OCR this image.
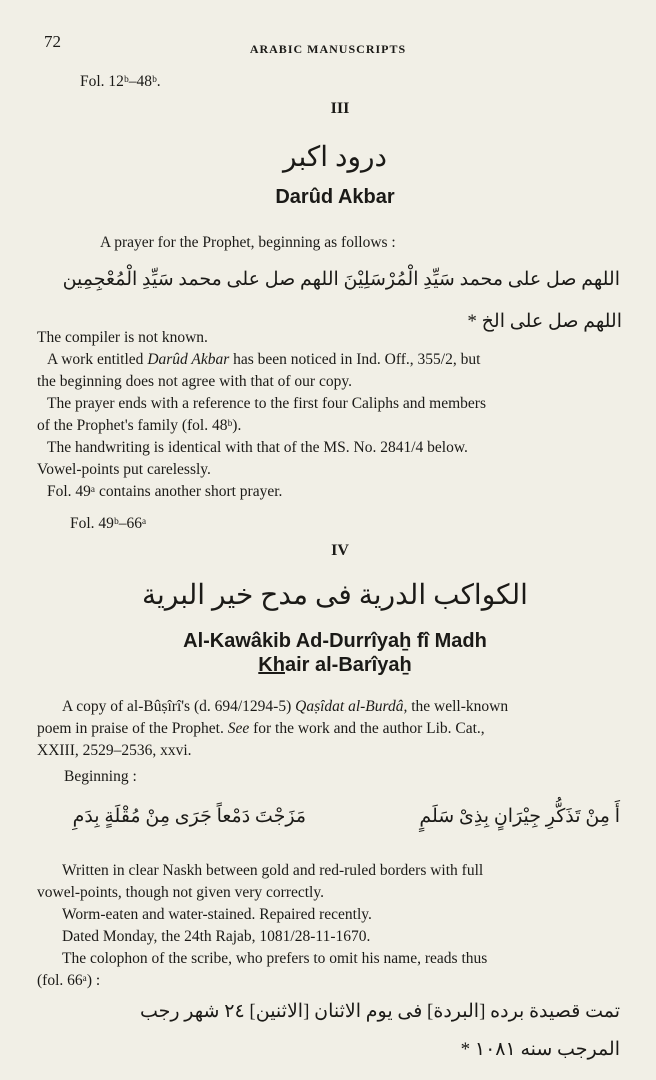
72	ARABIC MANUSCRIPTS
Fol. 12ᵇ–48ᵇ.
III
درود اکبر
Darûd Akbar
A prayer for the Prophet, beginning as follows :
اللهم صل على محمد سَيِّدِ الْمُرْسَلِيْنَ اللهم صل على محمد سَيِّدِ الْمُعْجِمِين
اللهم صل على الخ *
The compiler is not known.
A work entitled Darûd Akbar has been noticed in Ind. Off., 355/2, but
the beginning does not agree with that of our copy.
The prayer ends with a reference to the first four Caliphs and members
of the Prophet's family (fol. 48ᵇ).
The handwriting is identical with that of the MS. No. 2841/4 below.
Vowel-points put carelessly.
Fol. 49ᵃ contains another short prayer.
Fol. 49ᵇ–66ᵃ
IV
الكواكب الدرية فى مدح خير البرية
Al-Kawâkib Ad-Durrîyaẖ fî Madh
Khair al-Barîyaẖ
A copy of al-Bûṣîrî's (d. 694/1294-5) Qaṣîdat al-Burdâ, the well-known
poem in praise of the Prophet. See for the work and the author Lib. Cat.,
XXIII, 2529–2536, xxvi.
Beginning :
أَ مِنْ تَذَكُّرِ جِيْرَانٍ بِذِىْ سَلَمٍ
مَزَجْتَ دَمْعاً جَرَى مِنْ مُقْلَةٍ بِدَمِ
Written in clear Naskh between gold and red-ruled borders with full
vowel-points, though not given very correctly.
Worm-eaten and water-stained. Repaired recently.
Dated Monday, the 24th Rajab, 1081/28-11-1670.
The colophon of the scribe, who prefers to omit his name, reads thus
(fol. 66ᵃ) :
تمت قصيدة برده [البردة] فى يوم الاثنان [الاثنين] ٢٤ شهر رجب
المرجب سنه ١٠٨١ *
